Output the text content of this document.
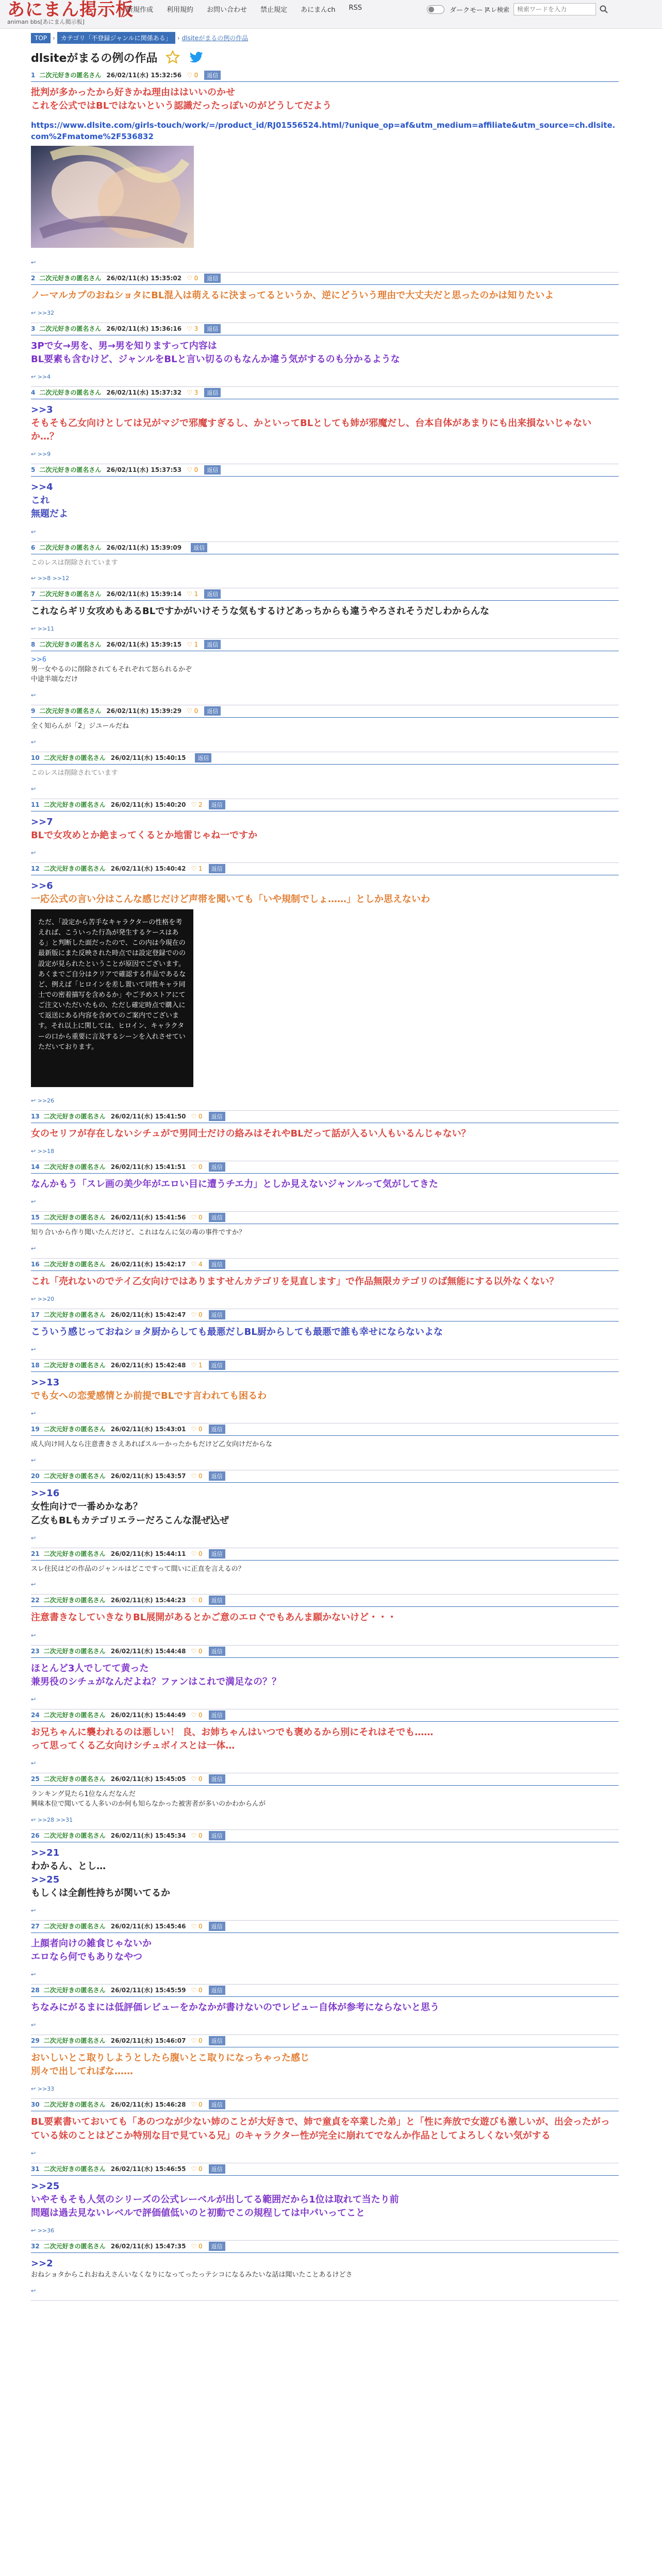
あにまん掲示板
animan bbs[あにまん掲示板]
新規作成 利用規約 お問い合わせ 禁止規定 あにまんch RSS	ダークモード
スレ検索
検索ワードを入力
TOP › カテゴリ「不登録ジャンルに関係ある」 › dlsiteがまるの例の作品
dlsiteがまるの例の作品
1 二次元好きの匿名さん 26/02/11(水) 15:32:56 ♡ 0 返信
批判が多かったから好きかね理由ははいいのかせ
これを公式ではBLではないという認識だったっぽいのがどうしてだよう
https://www.dlsite.com/girls-touch/work/=/product_id/RJ01556524.html/?unique_op=af&utm_medium=affiliate&utm_source=ch.dlsite.com%2Fmatome%2F536832
↩
2 二次元好きの匿名さん 26/02/11(水) 15:35:02 ♡ 0 返信
ノーマルカプのおねショタにBL混入は萌えるに決まってるというか、逆にどういう理由で大丈夫だと思ったのかは知りたいよ
↩ >>32
3 二次元好きの匿名さん 26/02/11(水) 15:36:16 ♡ 3 返信
3Pで女→男を、男→男を知りますって内容は
BL要素も含むけど、ジャンルをBLと言い切るのもなんか違う気がするのも分かるような
↩ >>4
4 二次元好きの匿名さん 26/02/11(水) 15:37:32 ♡ 3 返信
>>3
そもそも乙女向けとしては兄がマジで邪魔すぎるし、かといってBLとしても姉が邪魔だし、台本自体があまりにも出来損ないじゃないか…？
↩ >>9
5 二次元好きの匿名さん 26/02/11(水) 15:37:53 ♡ 0 返信
>>4
これ
無題だよ
↩
6 二次元好きの匿名さん 26/02/11(水) 15:39:09 返信
このレスは削除されています
↩ >>8 >>12
7 二次元好きの匿名さん 26/02/11(水) 15:39:14 ♡ 1 返信
これならギリ女攻めもあるBLですかがいけそうな気もするけどあっちからも違うやろされそうだしわからんな
↩ >>11
8 二次元好きの匿名さん 26/02/11(水) 15:39:15 ♡ 1 返信
>>6
男一女やるのに削除されてもそれぞれて怒られるかぞ
中途半端なだけ
↩
9 二次元好きの匿名さん 26/02/11(水) 15:39:29 ♡ 0 返信
全く知らんが「2」ジユールだね
↩
10 二次元好きの匿名さん 26/02/11(水) 15:40:15 返信
このレスは削除されています
↩
11 二次元好きの匿名さん 26/02/11(水) 15:40:20 ♡ 2 返信
>>7
BLで女攻めとか絶まってくるとか地雷じゃね一ですか
↩
12 二次元好きの匿名さん 26/02/11(水) 15:40:42 ♡ 1 返信
>>6
一応公式の言い分はこんな感じだけど声帯を聞いても「いや規制でしょ……」としか思えないわ
ただ、「設定から苦手なキャラクターの性格を考えれば、こういった行為が発生するケースはある」と判断した面だったので、この内は今現在の最新版にまた反映された時点では設定登録でのの設定が見られたということが原因でございます。あくまでご自分はクリアで確認する作品であるなど、例えば「ヒロインを差し置いて同性キャラ同士での密着描写を含めるか」やご予めストアにてご注文いただいたもの、ただし確定時点で購入にて返送にある内容を含めてのご案内でございます。それ以上に関しては、ヒロイン、キャラクターの口から重要に言及するシーンを入れさせていただいております。
↩ >>26
13 二次元好きの匿名さん 26/02/11(水) 15:41:50 ♡ 0 返信
女のセリフが存在しないシチュがで男同士だけの絡みはそれやBLだって話が入るい人もいるんじゃない？
↩ >>18
14 二次元好きの匿名さん 26/02/11(水) 15:41:51 ♡ 0 返信
なんかもう「スレ画の美少年がエロい目に遭うチエ力」としか見えないジャンルって気がしてきた
↩
15 二次元好きの匿名さん 26/02/11(水) 15:41:56 ♡ 0 返信
知り合いから作り聞いたんだけど、これはなんに気の毒の事件ですか？
↩
16 二次元好きの匿名さん 26/02/11(水) 15:42:17 ♡ 4 返信
これ「売れないのでテイ乙女向けではありますせんカテゴリを見直します」で作品無限カテゴリのば無能にする以外なくない？
↩ >>20
17 二次元好きの匿名さん 26/02/11(水) 15:42:47 ♡ 0 返信
こういう感じっておねショタ厨からしても最悪だしBL厨からしても最悪で誰も幸せにならないよな
↩
18 二次元好きの匿名さん 26/02/11(水) 15:42:48 ♡ 1 返信
>>13
でも女への恋愛感情とか前提でBLです言われても困るわ
↩
19 二次元好きの匿名さん 26/02/11(水) 15:43:01 ♡ 0 返信
成人向け同人なら注意書きさえあればスルーかったかもだけど乙女向けだからな
↩
20 二次元好きの匿名さん 26/02/11(水) 15:43:57 ♡ 0 返信
>>16
女性向けで一番めかなあ？
乙女もBLもカテゴリエラーだろこんな混ぜ込ぜ
↩
21 二次元好きの匿名さん 26/02/11(水) 15:44:11 ♡ 0 返信
スレ住民はどの作品のジャンルはどこですって間いに正直を言えるの？
↩
22 二次元好きの匿名さん 26/02/11(水) 15:44:23 ♡ 0 返信
注意書きなしていきなりBL展開があるとかご意のエロぐでもあんま願かないけど・・・
↩
23 二次元好きの匿名さん 26/02/11(水) 15:44:48 ♡ 0 返信
ほとんど3人でしてて黄った
兼男役のシチュがなんだよね？ファンはこれで満足なの？？
↩
24 二次元好きの匿名さん 26/02/11(水) 15:44:49 ♡ 0 返信
お兄ちゃんに襲われるのは悪しい！ 良、お姉ちゃんはいつでも褒めるから別にそれはそでも……
って思ってくる乙女向けシチュボイスとは一体…
↩
25 二次元好きの匿名さん 26/02/11(水) 15:45:05 ♡ 0 返信
ランキング見たら1位なんだなんだ
興味本位で聞いてる人多いのか何も知らなかった被害者が多いのかわからんが
↩ >>28 >>31
26 二次元好きの匿名さん 26/02/11(水) 15:45:34 ♡ 0 返信
>>21
わかるん、とし…
>>25
もしくは全創性持ちが関いてるか
↩
27 二次元好きの匿名さん 26/02/11(水) 15:45:46 ♡ 0 返信
上顔者向けの雑食じゃないか
エロなら何でもありなやつ
↩
28 二次元好きの匿名さん 26/02/11(水) 15:45:59 ♡ 0 返信
ちなみにがるまには低評価レビューをかなかが書けないのでレビュー自体が参考にならないと思う
↩
29 二次元好きの匿名さん 26/02/11(水) 15:46:07 ♡ 0 返信
おいしいとこ取りしようとしたら腹いとこ取りになっちゃった感じ
別々で出してればな……
↩ >>33
30 二次元好きの匿名さん 26/02/11(水) 15:46:28 ♡ 0 返信
BL要素書いておいても「あのつなが少ない姉のことが大好きで、姉で童貞を卒業した弟」と「性に奔放で女遊びも激しいが、出会ったがっている妹のことはどこか特別な目で見ている兄」のキャラクター性が完全に崩れてでなんか作品としてよろしくない気がする
↩
31 二次元好きの匿名さん 26/02/11(水) 15:46:55 ♡ 0 返信
>>25
いやそもそも人気のシリーズの公式レーベルが出してる範囲だから1位は取れて当たり前
問題は過去見ないレベルで評価値低いのと初動でこの規程しては中パいってこと
↩ >>36
32 二次元好きの匿名さん 26/02/11(水) 15:47:35 ♡ 0 返信
>>2
おねショタからこれおねえさんいなくなりになってったっテシコになるみたいな話は聞いたことあるけどさ
↩
